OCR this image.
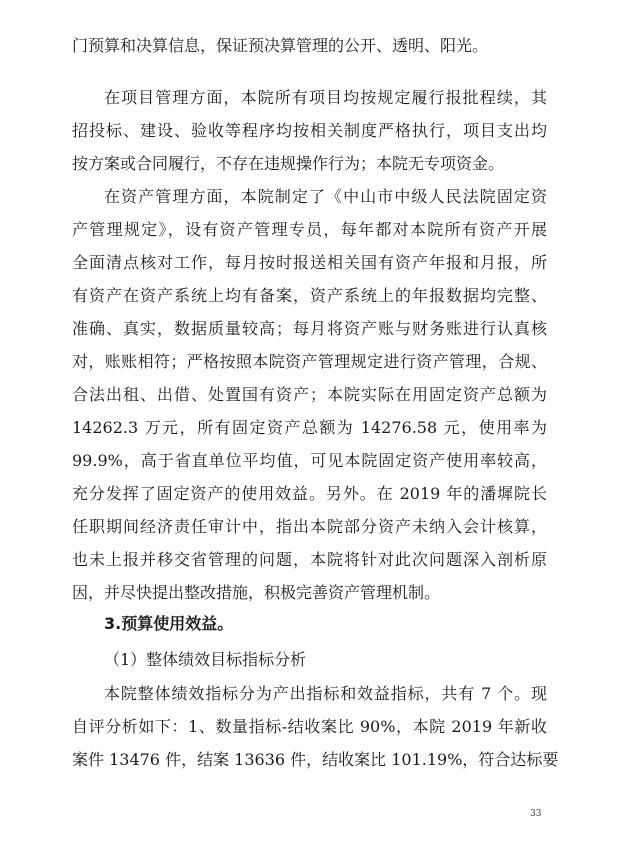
门预算和决算信息，保证预决算管理的公开、透明、阳光。
在项目管理方面，本院所有项目均按规定履行报批程续，其
招投标、建设、验收等程序均按相关制度严格执行，项目支出均
按方案或合同履行，不存在违规操作行为；本院无专项资金。
在资产管理方面，本院制定了《中山市中级人民法院固定资
产管理规定》，设有资产管理专员，每年都对本院所有资产开展
全面清点核对工作，每月按时报送相关国有资产年报和月报，所
有资产在资产系统上均有备案，资产系统上的年报数据均完整、
准确、真实，数据质量较高；每月将资产账与财务账进行认真核
对，账账相符；严格按照本院资产管理规定进行资产管理，合规、
合法出租、出借、处置国有资产；本院实际在用固定资产总额为
14262.3 万元，所有固定资产总额为 14276.58 元，使用率为
99.9%，高于省直单位平均值，可见本院固定资产使用率较高，
充分发挥了固定资产的使用效益。另外。在 2019 年的潘墀院长
任职期间经济责任审计中，指出本院部分资产未纳入会计核算，
也未上报并移交省管理的问题，本院将针对此次问题深入剖析原
因，并尽快提出整改措施，积极完善资产管理机制。
3.预算使用效益。
（1）整体绩效目标指标分析
本院整体绩效指标分为产出指标和效益指标，共有 7 个。现
自评分析如下：1、数量指标-结收案比 90%，本院 2019 年新收
案件 13476 件，结案 13636 件，结收案比 101.19%，符合达标要
33
